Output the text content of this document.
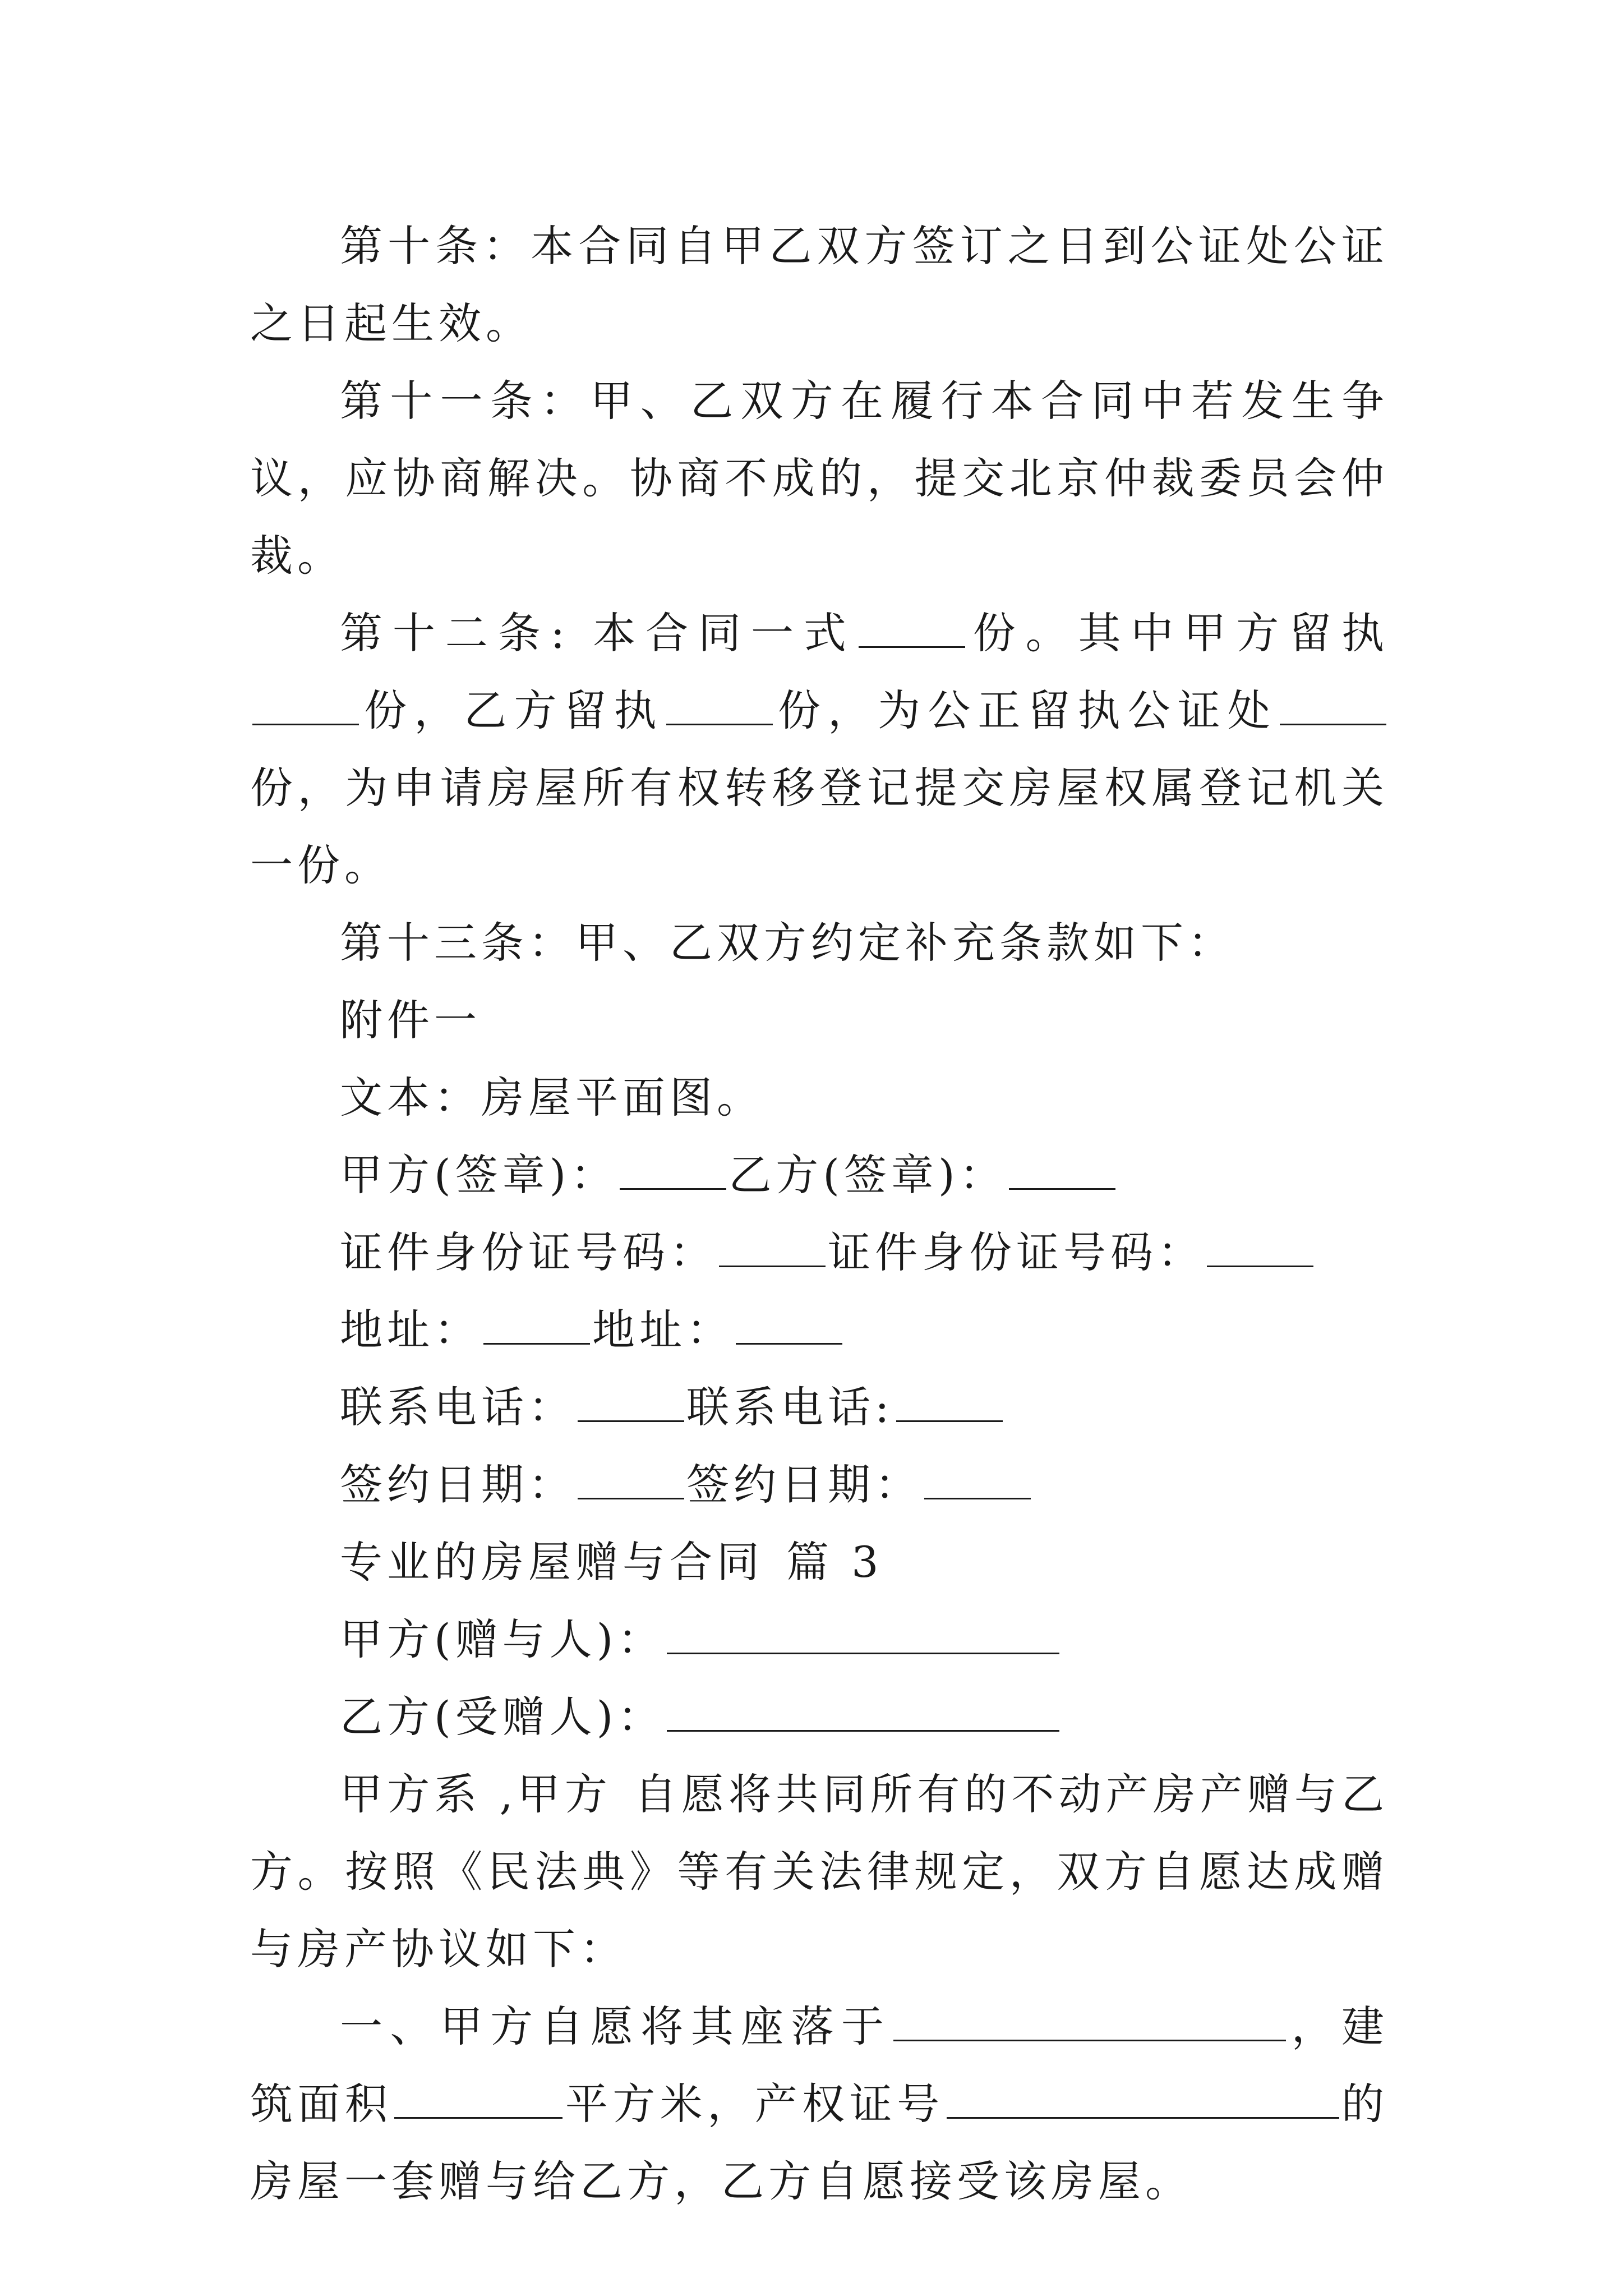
第十条：本合同自甲乙双方签订之日到公证处公证之日起生效。

第十一条：甲、乙双方在履行本合同中若发生争议，应协商解决。协商不成的，提交北京仲裁委员会仲裁。

第十二条: 本合同一式	份。其中甲方留执份，乙方留执	份，为公正留执公证处份，为申请房屋所有权转移登记提交房屋权属登记机关一份。

第十三条：甲、乙双方约定补充条款如下：

附件一

文本：房屋平面图。

甲方(签章)：	乙方(签章)：

证件身份证号码：	证件身份证号码：

地址：	地址：

联系电话：	联系电话:

签约日期：	签约日期：

专业的房屋赠与合同 篇 3

甲方(赠与人)：

乙方(受赠人)：

甲方系 ,甲方 自愿将共同所有的不动产房产赠与乙方。按照《民法典》等有关法律规定，双方自愿达成赠与房产协议如下：

一、甲方自愿将其座落于	，建筑面积	平方米，产权证号	的房屋一套赠与给乙方，乙方自愿接受该房屋。
